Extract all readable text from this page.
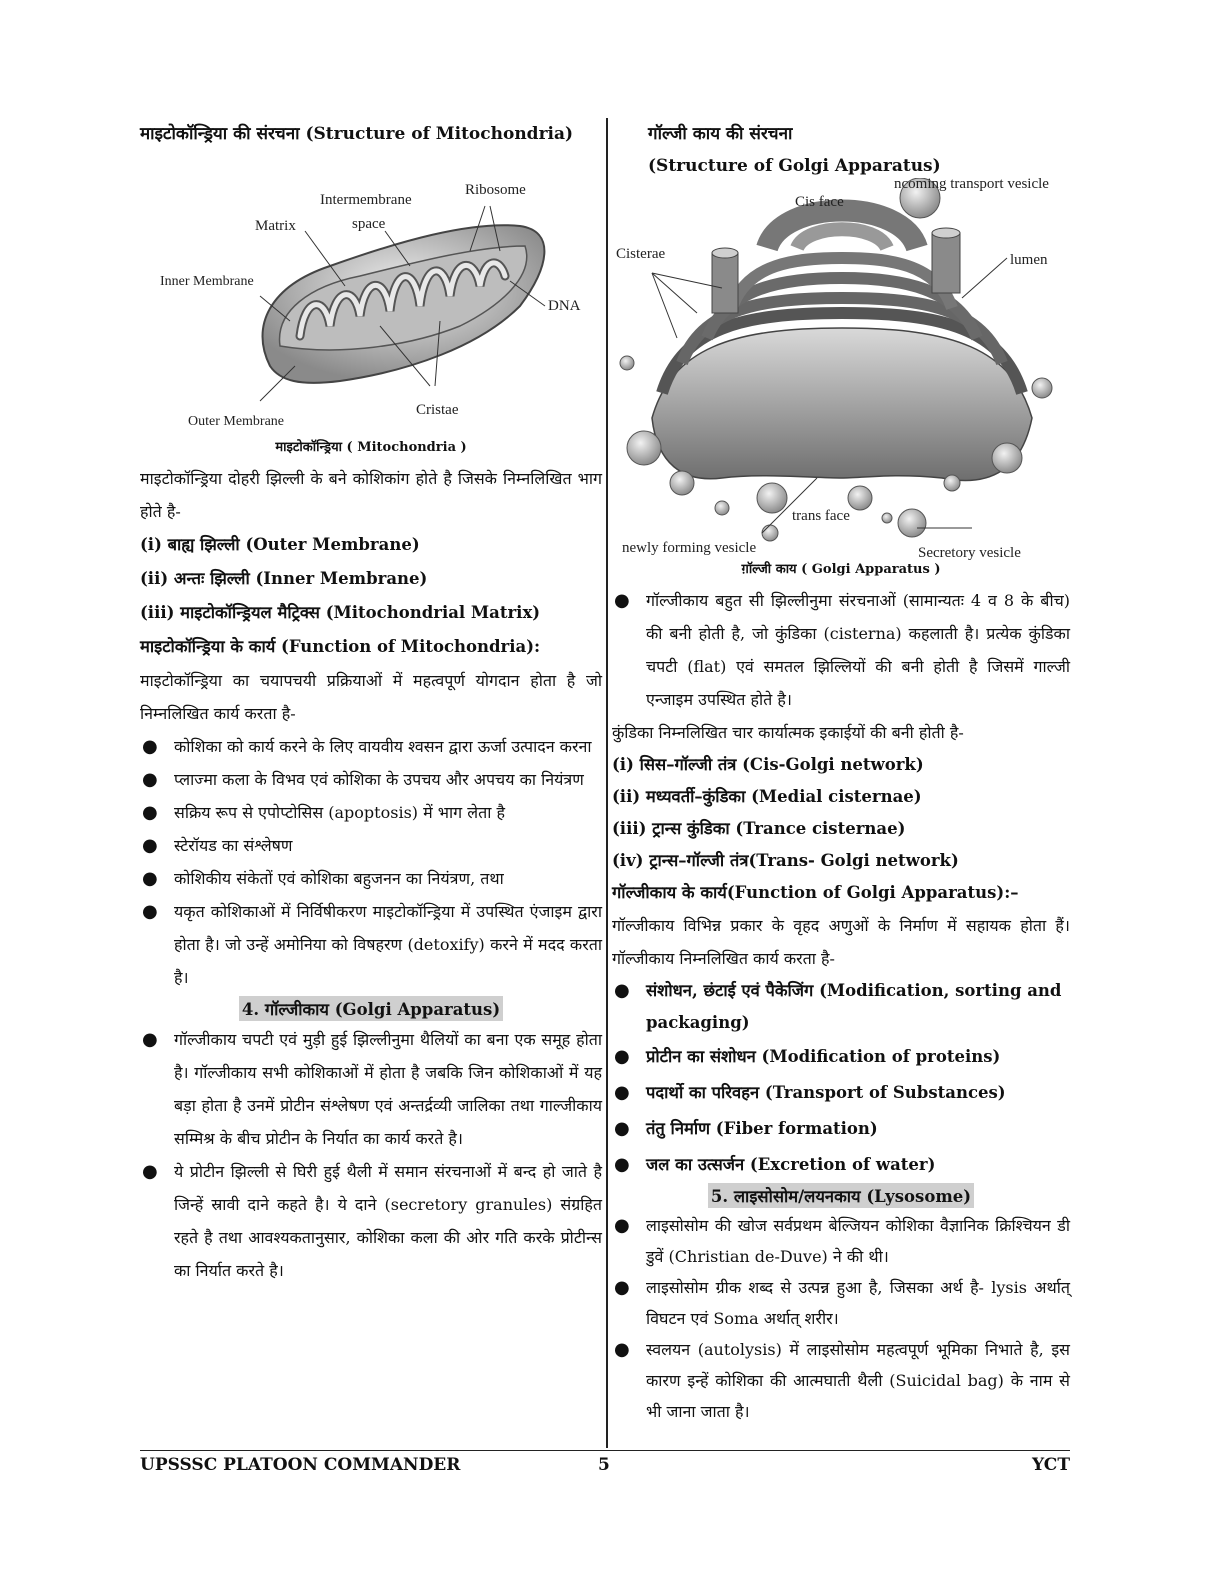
माइटोकॉन्ड्रिया की संरचना (Structure of Mitochondria)

Intermembrane
space
Ribosome
Matrix
Inner Membrane
DNA
Outer Membrane
Cristae

माइटोकॉन्ड्रिया ( Mitochondria )

माइटोकॉन्ड्रिया दोहरी झिल्ली के बने कोशिकांग होते है जिसके निम्नलिखित भाग होते है-

(i) बाह्य झिल्ली (Outer Membrane)

(ii) अन्तः झिल्ली (Inner Membrane)

(iii) माइटोकॉन्ड्रियल मैट्रिक्स (Mitochondrial Matrix)

माइटोकॉन्ड्रिया के कार्य (Function of Mitochondria):

माइटोकॉन्ड्रिया का चयापचयी प्रक्रियाओं में महत्वपूर्ण योगदान होता है जो निम्नलिखित कार्य करता है-

● कोशिका को कार्य करने के लिए वायवीय श्वसन द्वारा ऊर्जा उत्पादन करना

● प्लाज्मा कला के विभव एवं कोशिका के उपचय और अपचय का नियंत्रण

● सक्रिय रूप से एपोप्टोसिस (apoptosis) में भाग लेता है

● स्टेरॉयड का संश्लेषण

● कोशिकीय संकेतों एवं कोशिका बहुजनन का नियंत्रण, तथा

● यकृत कोशिकाओं में निर्विषीकरण माइटोकॉन्ड्रिया में उपस्थित एंजाइम द्वारा होता है। जो उन्हें अमोनिया को विषहरण (detoxify) करने में मदद करता है।

4. गॉल्जीकाय (Golgi Apparatus)

● गॉल्जीकाय चपटी एवं मुड़ी हुई झिल्लीनुमा थैलियों का बना एक समूह होता है। गॉल्जीकाय सभी कोशिकाओं में होता है जबकि जिन कोशिकाओं में यह बड़ा होता है उनमें प्रोटीन संश्लेषण एवं अन्तर्द्रव्यी जालिका तथा गाल्जीकाय सम्मिश्र के बीच प्रोटीन के निर्यात का कार्य करते है।

● ये प्रोटीन झिल्ली से घिरी हुई थैली में समान संरचनाओं में बन्द हो जाते है जिन्हें स्रावी दाने कहते है। ये दाने (secretory granules) संग्रहित रहते है तथा आवश्यकतानुसार, कोशिका कला की ओर गति करके प्रोटीन्स का निर्यात करते है।

गॉल्जी काय की संरचना

(Structure of Golgi Apparatus)

ncoming transport vesicle
Cis face
Cisterae	lumen
trans face
newly forming vesicle	Secretory vesicle

ग़ॉल्जी काय ( Golgi Apparatus )

● गॉल्जीकाय बहुत सी झिल्लीनुमा संरचनाओं (सामान्यतः 4 व 8 के बीच) की बनी होती है, जो कुंडिका (cisterna) कहलाती है। प्रत्येक कुंडिका चपटी (flat) एवं समतल झिल्लियों की बनी होती है जिसमें गाल्जी एन्जाइम उपस्थित होते है।

कुंडिका निम्नलिखित चार कार्यात्मक इकाईयों की बनी होती है-

(i) सिस–गॉल्जी तंत्र (Cis-Golgi network)

(ii) मध्यवर्ती–कुंडिका (Medial cisternae)

(iii) ट्रान्स कुंडिका (Trance cisternae)

(iv) ट्रान्स–गॉल्जी तंत्र(Trans- Golgi network)

गॉल्जीकाय के कार्य(Function of Golgi Apparatus):–

गॉल्जीकाय विभिन्न प्रकार के वृहद अणुओं के निर्माण में सहायक होता हैं। गॉल्जीकाय निम्नलिखित कार्य करता है-

● संशोधन, छंटाई एवं पैकेजिंग (Modification, sorting and packaging)

● प्रोटीन का संशोधन (Modification of proteins)

● पदार्थो का परिवहन (Transport of Substances)

● तंतु निर्माण (Fiber formation)

● जल का उत्सर्जन (Excretion of water)

5. लाइसोसोम/लयनकाय (Lysosome)

● लाइसोसोम की खोज सर्वप्रथम बेल्जियन कोशिका वैज्ञानिक क्रिश्चियन डी डुवें (Christian de-Duve) ने की थी।

● लाइसोसोम ग्रीक शब्द से उत्पन्न हुआ है, जिसका अर्थ है- lysis अर्थात् विघटन एवं Soma अर्थात् शरीर।

● स्वलयन (autolysis) में लाइसोसोम महत्वपूर्ण भूमिका निभाते है, इस कारण इन्हें कोशिका की आत्मघाती थैली (Suicidal bag) के नाम से भी जाना जाता है।

UPSSSC PLATOON COMMANDER	5	YCT
